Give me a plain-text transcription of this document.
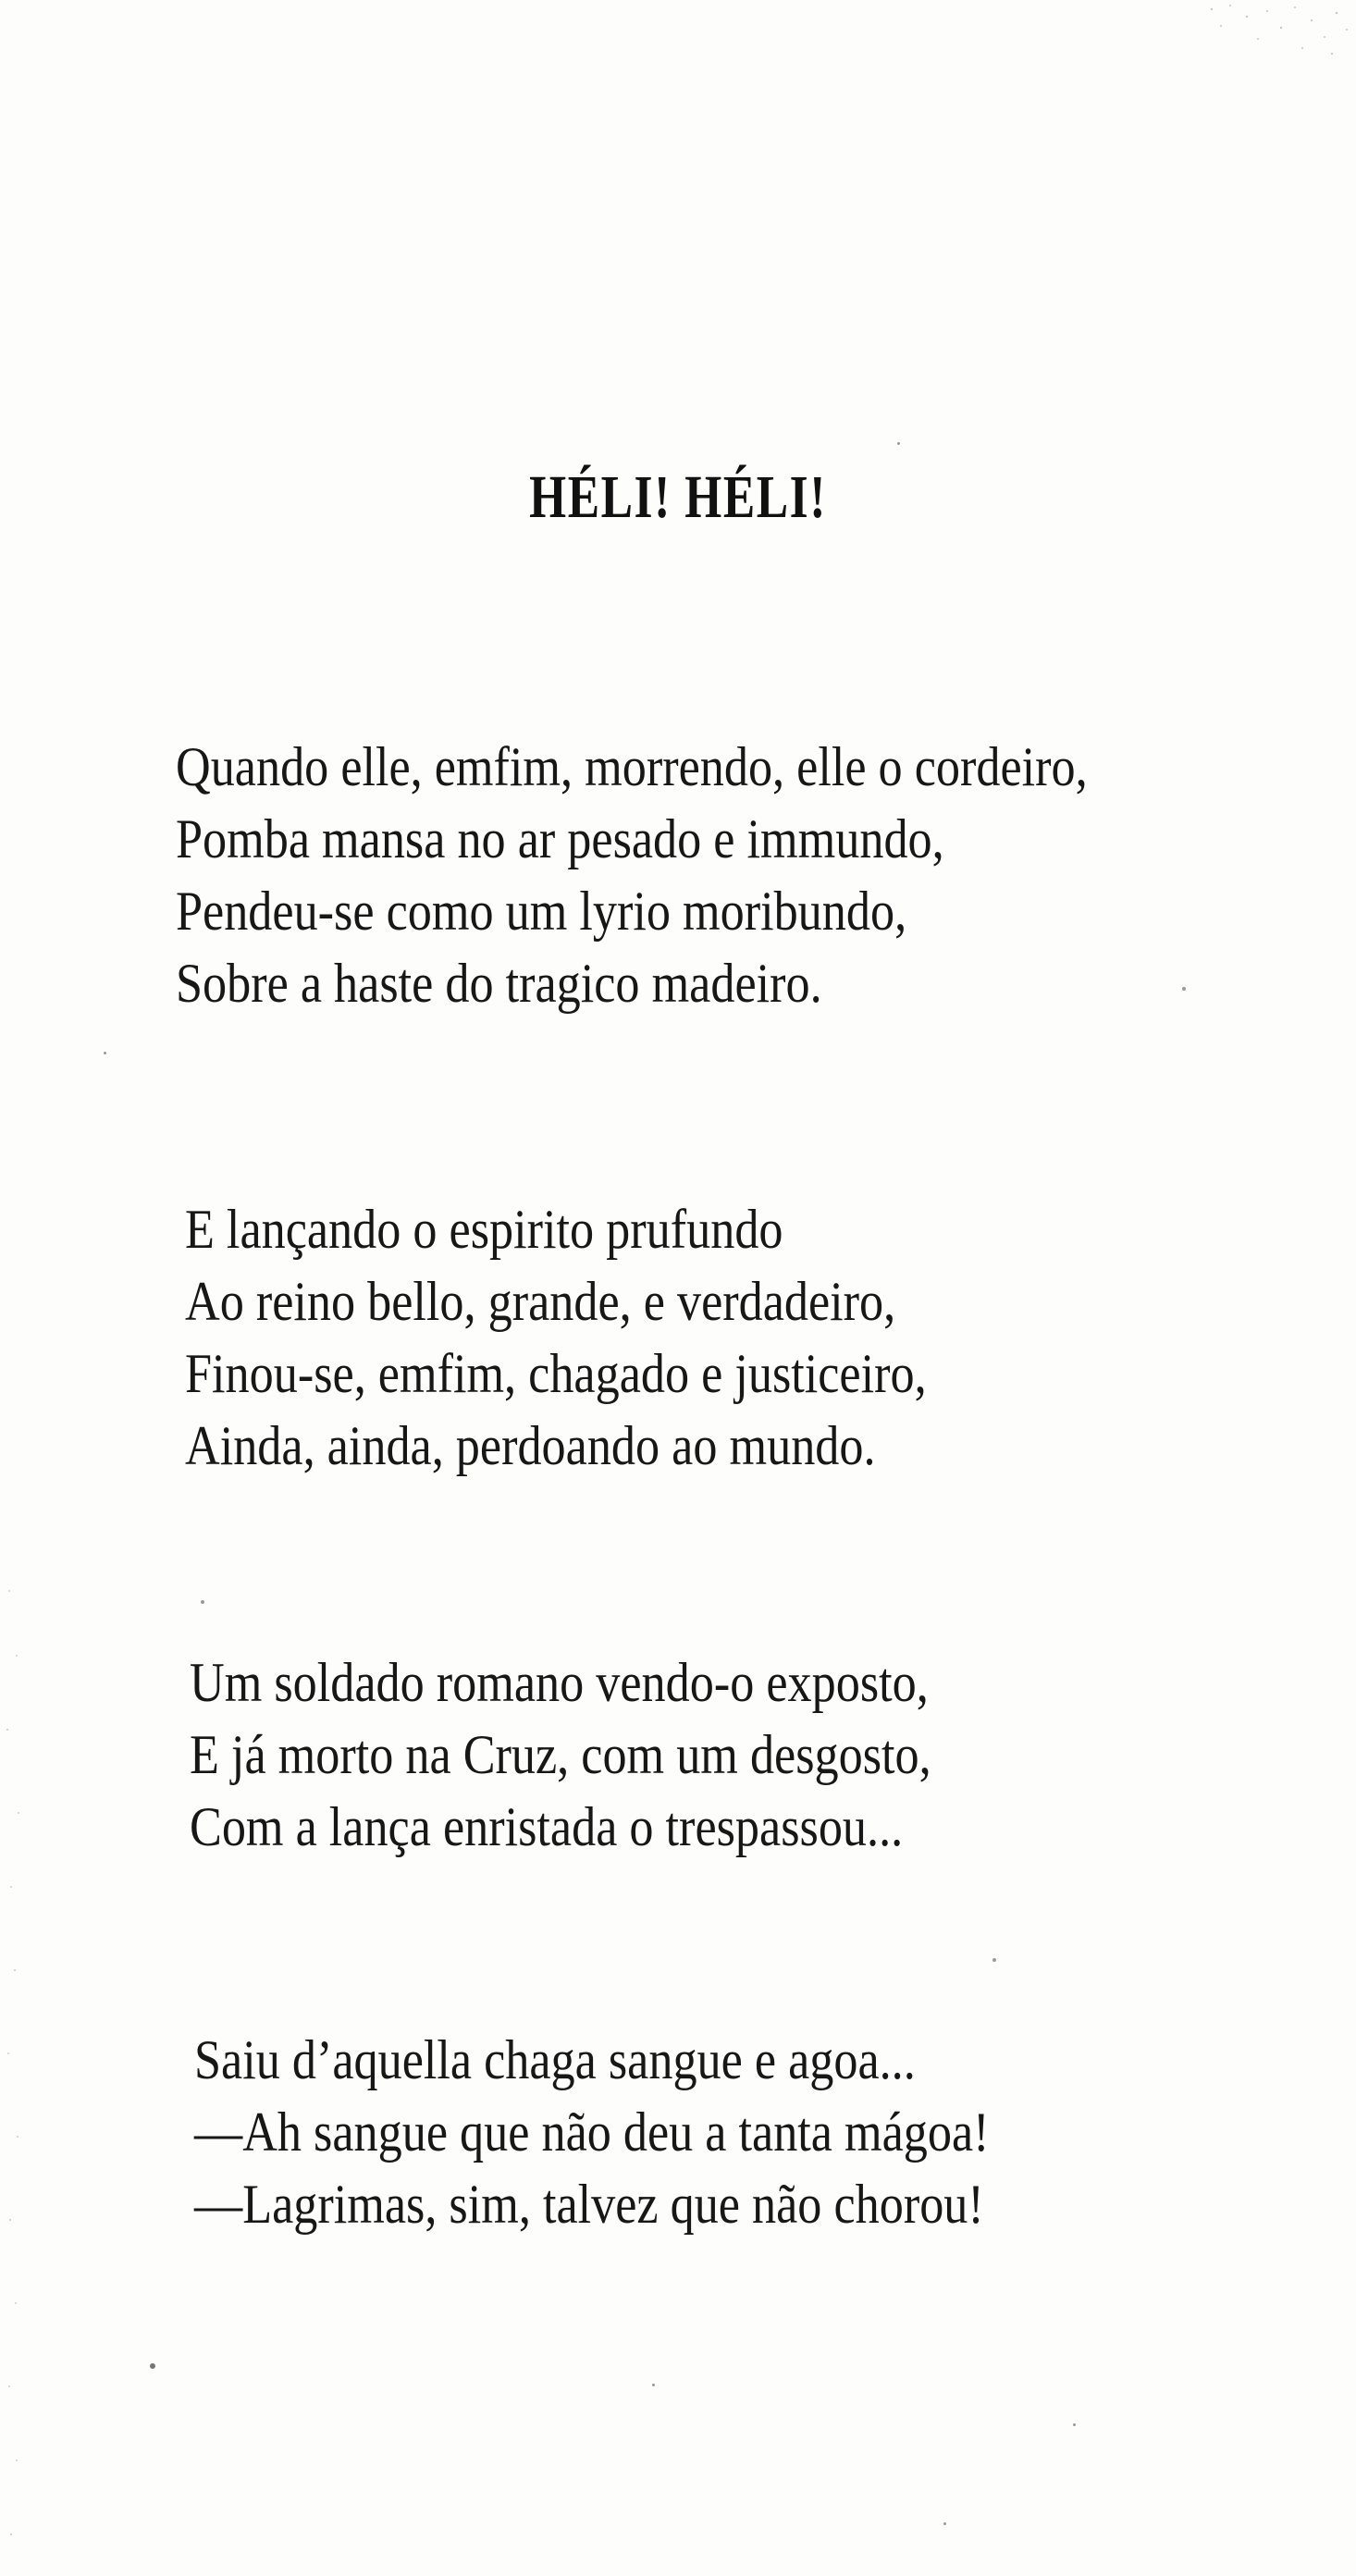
HÉLI! HÉLI!
Quando elle, emfim, morrendo, elle o cordeiro,
Pomba mansa no ar pesado e immundo,
Pendeu-se como um lyrio moribundo,
Sobre a haste do tragico madeiro.
E lançando o espirito prufundo
Ao reino bello, grande, e verdadeiro,
Finou-se, emfim, chagado e justiceiro,
Ainda, ainda, perdoando ao mundo.
Um soldado romano vendo-o exposto,
E já morto na Cruz, com um desgosto,
Com a lança enristada o trespassou...
Saiu d’aquella chaga sangue e agoa...
—Ah sangue que não deu a tanta mágoa!
—Lagrimas, sim, talvez que não chorou!
